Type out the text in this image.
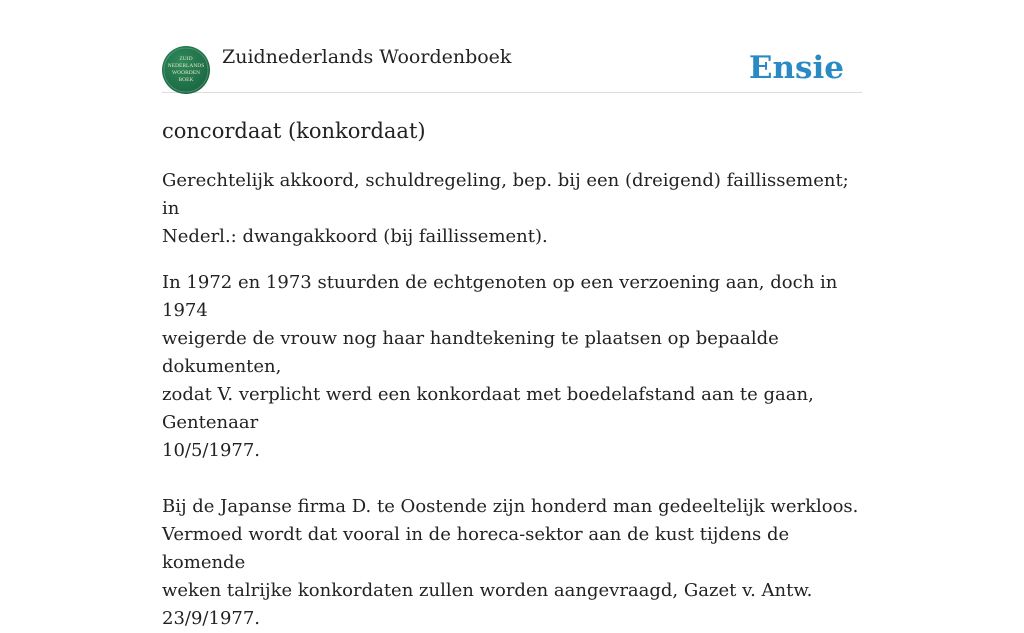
ZUID
NEDERLANDS
WOORDEN
BOEK
Zuidnederlands Woordenboek	Ensie
concordaat (konkordaat)
Gerechtelijk akkoord, schuldregeling, bep. bij een (dreigend) faillissement; in
Nederl.: dwangakkoord (bij faillissement).
In 1972 en 1973 stuurden de echtgenoten op een verzoening aan, doch in 1974
weigerde de vrouw nog haar handtekening te plaatsen op bepaalde dokumenten,
zodat V. verplicht werd een konkordaat met boedelafstand aan te gaan, Gentenaar
10/5/1977.
Bij de Japanse firma D. te Oostende zijn honderd man gedeeltelijk werkloos.
Vermoed wordt dat vooral in de horeca-sektor aan de kust tijdens de komende
weken talrijke konkordaten zullen worden aangevraagd, Gazet v. Antw. 23/9/1977.
